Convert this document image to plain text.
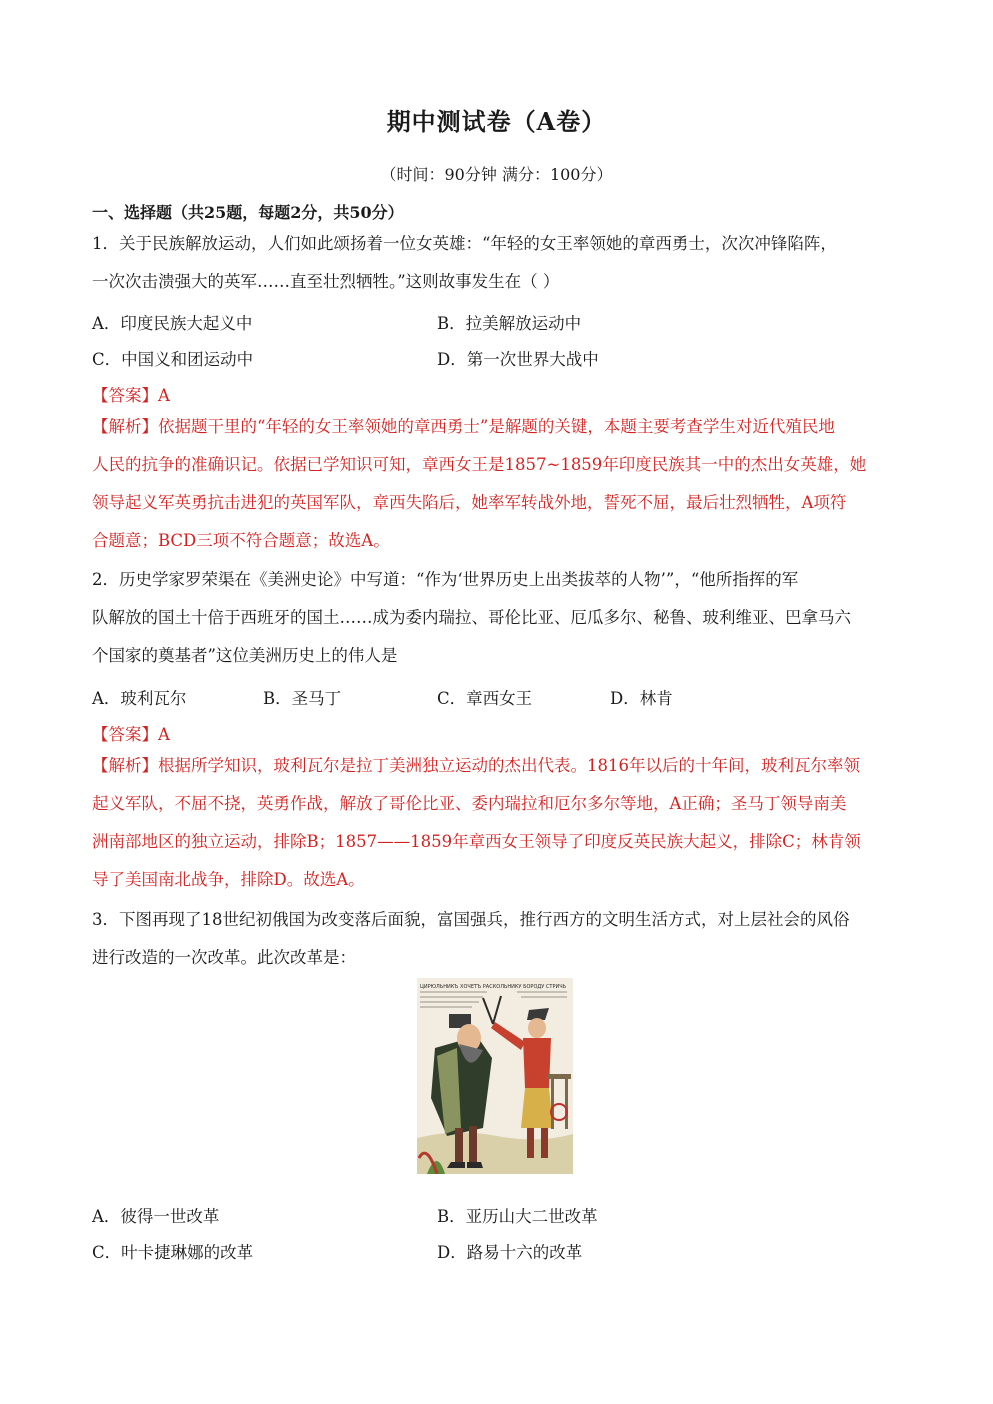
期中测试卷（A卷）
（时间：90分钟 满分：100分）
一、选择题（共25题，每题2分，共50分）
1．关于民族解放运动，人们如此颂扬着一位女英雄：“年轻的女王率领她的章西勇士，次次冲锋陷阵，
一次次击溃强大的英军……直至壮烈牺牲。”这则故事发生在（ ）
A．印度民族大起义中	B．拉美解放运动中
C．中国义和团运动中	D．第一次世界大战中
【答案】A
【解析】依据题干里的“年轻的女王率领她的章西勇士”是解题的关键，本题主要考查学生对近代殖民地
人民的抗争的准确识记。依据已学知识可知，章西女王是1857~1859年印度民族其一中的杰出女英雄，她
领导起义军英勇抗击进犯的英国军队，章西失陷后，她率军转战外地，誓死不屈，最后壮烈牺牲，A项符
合题意；BCD三项不符合题意；故选A。
2．历史学家罗荣渠在《美洲史论》中写道：“作为‘世界历史上出类拔萃的人物’”，“他所指挥的军
队解放的国土十倍于西班牙的国土……成为委内瑞拉、哥伦比亚、厄瓜多尔、秘鲁、玻利维亚、巴拿马六
个国家的奠基者”这位美洲历史上的伟人是
A．玻利瓦尔	B．圣马丁	C．章西女王	D．林肯
【答案】A
【解析】根据所学知识，玻利瓦尔是拉丁美洲独立运动的杰出代表。1816年以后的十年间，玻利瓦尔率领
起义军队，不屈不挠，英勇作战，解放了哥伦比亚、委内瑞拉和厄尔多尔等地，A正确；圣马丁领导南美
洲南部地区的独立运动，排除B；1857——1859年章西女王领导了印度反英民族大起义，排除C；林肯领
导了美国南北战争，排除D。故选A。
3．下图再现了18世纪初俄国为改变落后面貌，富国强兵，推行西方的文明生活方式，对上层社会的风俗
进行改造的一次改革。此次改革是：
ЦИРЮЛЬНИКЪ ХОЧЕТЪ РАСКОЛЬНИКУ БОРОДУ СТРИЧЬ
A．彼得一世改革	B．亚历山大二世改革
C．叶卡捷琳娜的改革	D．路易十六的改革
